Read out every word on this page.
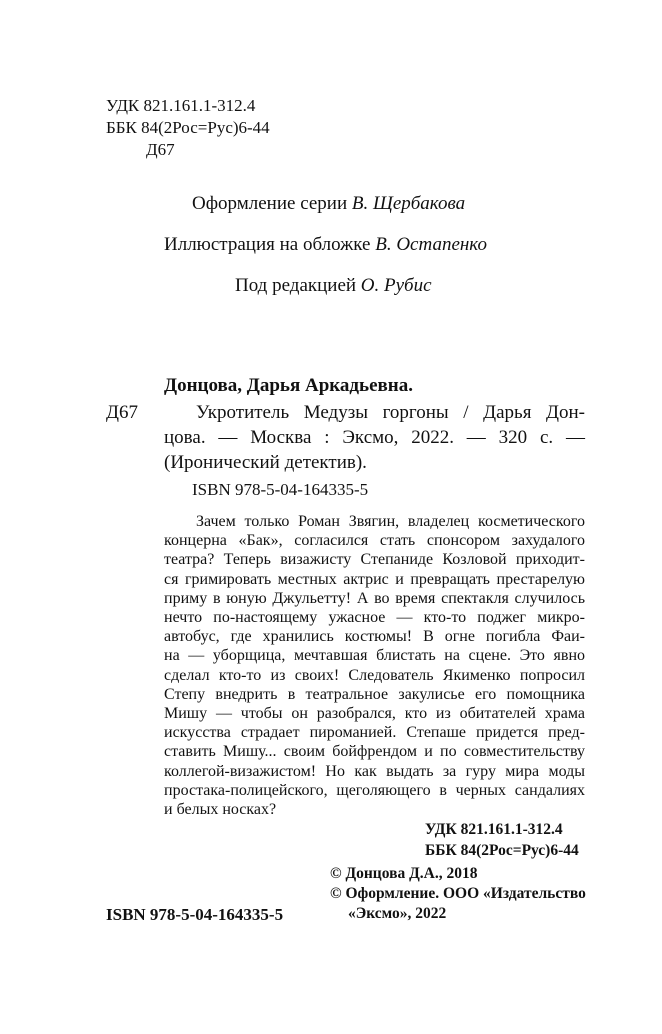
УДК 821.161.1-312.4
ББК 84(2Рос=Рус)6-44
Д67
Оформление серии В. Щербакова
Иллюстрация на обложке В. Остапенко
Под редакцией О. Рубис
Донцова, Дарья Аркадьевна.
Д67	Укротитель Медузы горгоны / Дарья Дон-
цова. — Москва : Эксмо, 2022. — 320 с. —
(Иронический детектив).
ISBN 978-5-04-164335-5
Зачем только Роман Звягин, владелец косметического
концерна «Бак», согласился стать спонсором захудалого
театра? Теперь визажисту Степаниде Козловой приходит-
ся гримировать местных актрис и превращать престарелую
приму в юную Джульетту! А во время спектакля случилось
нечто по-настоящему ужасное — кто-то поджег микро-
автобус, где хранились костюмы! В огне погибла Фаи-
на — уборщица, мечтавшая блистать на сцене. Это явно
сделал кто-то из своих! Следователь Якименко попросил
Степу внедрить в театральное закулисье его помощника
Мишу — чтобы он разобрался, кто из обитателей храма
искусства страдает пироманией. Степаше придется пред-
ставить Мишу... своим бойфрендом и по совместительству
коллегой-визажистом! Но как выдать за гуру мира моды
простака-полицейского, щеголяющего в черных сандалиях
и белых носках?
УДК 821.161.1-312.4
ББК 84(2Рос=Рус)6-44
© Донцова Д.А., 2018
© Оформление. ООО «Издательство
«Эксмо», 2022
ISBN 978-5-04-164335-5
